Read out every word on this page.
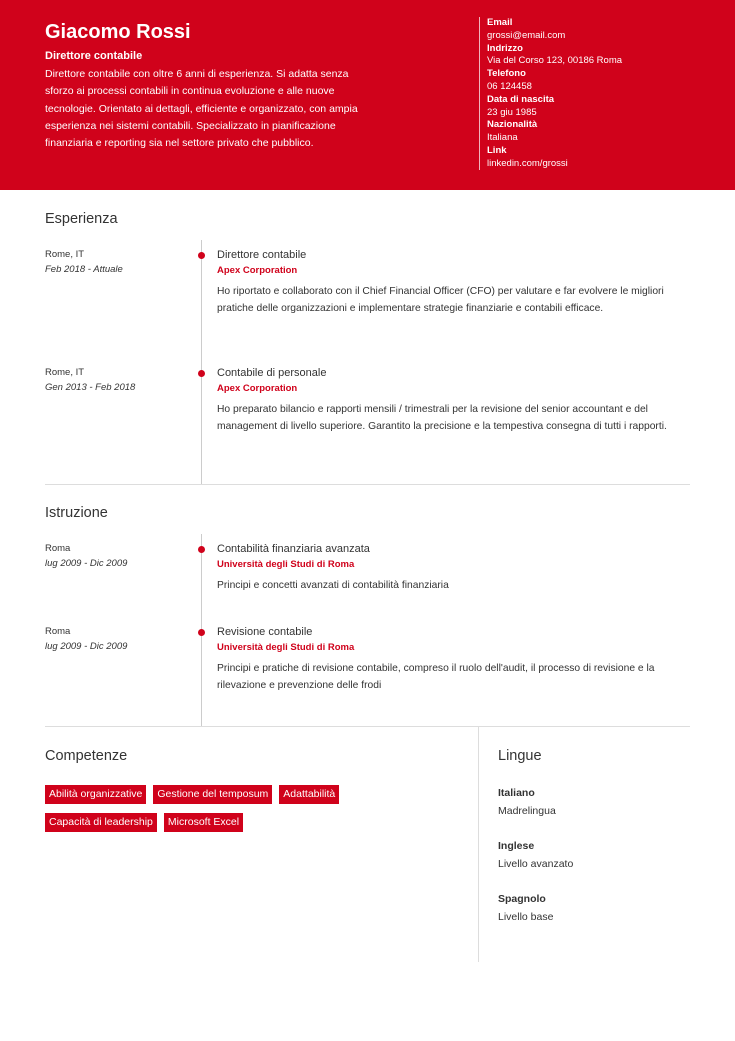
Giacomo Rossi
Direttore contabile
Direttore contabile con oltre 6 anni di esperienza. Si adatta senza sforzo ai processi contabili in continua evoluzione e alle nuove tecnologie. Orientato ai dettagli, efficiente e organizzato, con ampia esperienza nei sistemi contabili. Specializzato in pianificazione finanziaria e reporting sia nel settore privato che pubblico.
Email
grossi@email.com
Indrizzo
Via del Corso 123, 00186 Roma
Telefono
06 124458
Data di nascita
23 giu 1985
Nazionalità
Italiana
Link
linkedin.com/grossi
Esperienza
Rome, IT
Feb 2018 - Attuale
Direttore contabile
Apex Corporation
Ho riportato e collaborato con il Chief Financial Officer (CFO) per valutare e far evolvere le migliori pratiche delle organizzazioni e implementare strategie finanziarie e contabili efficace.
Rome, IT
Gen 2013 - Feb 2018
Contabile di personale
Apex Corporation
Ho preparato bilancio e rapporti mensili / trimestrali per la revisione del senior accountant e del management di livello superiore. Garantito la precisione e la tempestiva consegna di tutti i rapporti.
Istruzione
Roma
lug 2009 - Dic 2009
Contabilità finanziaria avanzata
Università degli Studi di Roma
Principi e concetti avanzati di contabilità finanziaria
Roma
lug 2009 - Dic 2009
Revisione contabile
Università degli Studi di Roma
Principi e pratiche di revisione contabile, compreso il ruolo dell'audit, il processo di revisione e la rilevazione e prevenzione delle frodi
Competenze
Abilità organizzative	Gestione del temposum	Adattabilità
Capacità di leadership	Microsoft Excel
Lingue
Italiano
Madrelingua
Inglese
Livello avanzato
Spagnolo
Livello base
